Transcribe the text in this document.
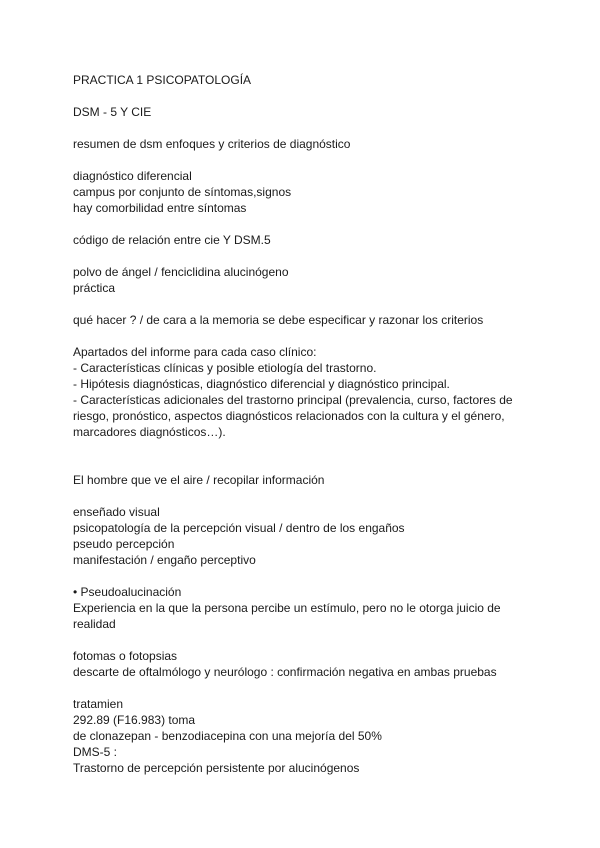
PRACTICA 1 PSICOPATOLOGÍA

DSM - 5 Y CIE

resumen de dsm enfoques y criterios de diagnóstico

diagnóstico diferencial

campus por conjunto de síntomas,signos

hay comorbilidad entre síntomas

código de relación entre cie Y DSM.5

polvo de ángel / fenciclidina alucinógeno

práctica

qué hacer ? / de cara a la memoria se debe especificar y razonar los criterios

Apartados del informe para cada caso clínico:

- Características clínicas y posible etiología del trastorno.

- Hipótesis diagnósticas, diagnóstico diferencial y diagnóstico principal.

- Características adicionales del trastorno principal (prevalencia, curso, factores de

riesgo, pronóstico, aspectos diagnósticos relacionados con la cultura y el género,

marcadores diagnósticos…).

El hombre que ve el aire / recopilar información

enseñado visual

psicopatología de la percepción visual / dentro de los engaños

pseudo percepción

manifestación / engaño perceptivo

• Pseudoalucinación

Experiencia en la que la persona percibe un estímulo, pero no le otorga juicio de

realidad

fotomas o fotopsias

descarte de oftalmólogo y neurólogo : confirmación negativa en ambas pruebas

tratamien

292.89 (F16.983) toma

de clonazepan - benzodiacepina con una mejoría del 50%

DMS-5 :

Trastorno de percepción persistente por alucinógenos
